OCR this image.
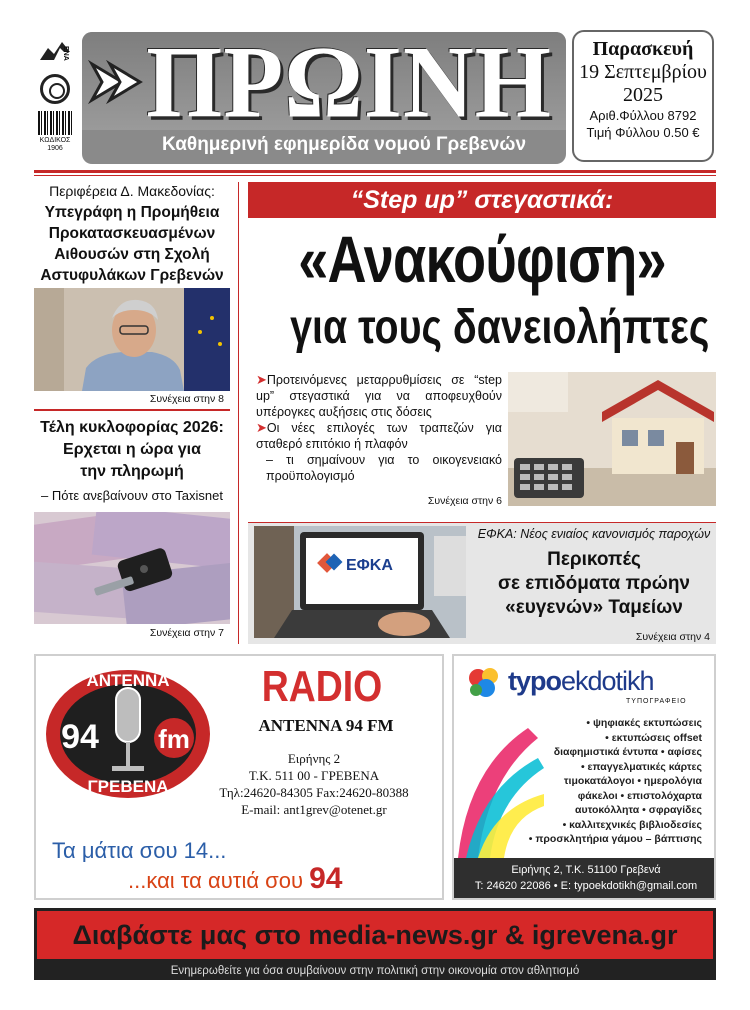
ΕΝΑ
ΚΩΔΙΚΟΣ
1906
ΠΡΩΙΝΗ
Καθημερινή εφημερίδα νομού Γρεβενών
Παρασκευή
19 Σεπτεμβρίου
2025
Αριθ.Φύλλου 8792
Τιμή Φύλλου 0.50 €
Περιφέρεια Δ. Μακεδονίας:
Υπεγράφη η Προμήθεια
Προκατασκευασμένων
Αιθουσών στη Σχολή
Αστυφυλάκων Γρεβενών
Συνέχεια στην 8
Τέλη κυκλοφορίας 2026:
Ερχεται η ώρα για
την πληρωμή
– Πότε ανεβαίνουν στο Taxisnet
Συνέχεια στην 7
“Step up” στεγαστικά:
«Ανακούφιση»
για τους δανειολήπτες

➤Προτεινόμενες μεταρρυθμίσεις σε “step up” στεγαστικά για να αποφευχθούν υπέρογκες αυξήσεις στις δόσεις

➤Οι νέες επιλογές των τραπεζών για σταθερό επιτόκιο ή πλαφόν

– τι σημαίνουν για το οικογενειακό προϋπολογισμό

Συνέχεια στην 6
ΕΦΚΑ
ΕΦΚΑ: Νέος ενιαίος κανονισμός παροχών
Περικοπές
σε επιδόματα πρώην
«ευγενών» Ταμείων
Συνέχεια στην 4
ΑΝΤΕΝΝΑ
94 fm
ΓΡΕΒΕΝΑ
RADIO
ANTENNA 94 FM
Ειρήνης 2
Τ.Κ. 511 00 - ΓΡΕΒΕΝΑ
Τηλ:24620-84305 Fax:24620-80388
E-mail: ant1grev@otenet.gr
Τα μάτια σου 14...
...και τα αυτιά σου 94
typoekdotikh
ΤΥΠΟΓΡΑΦΕΙΟ
• ψηφιακές εκτυπώσεις
• εκτυπώσεις offset
διαφημιστικά έντυπα • αφίσες
• επαγγελματικές κάρτες
τιμοκατάλογοι • ημερολόγια
φάκελοι • επιστολόχαρτα
αυτοκόλλητα • σφραγίδες
• καλλιτεχνικές βιβλιοδεσίες
• προσκλητήρια γάμου – βάπτισης
Ειρήνης 2, Τ.Κ. 51100 Γρεβενά
Τ: 24620 22086 • Ε: typoekdotikh@gmail.com
Διαβάστε μας στο media-news.gr & igrevena.gr
Ενημερωθείτε για όσα συμβαίνουν στην πολιτική στην οικονομία στον αθλητισμό
